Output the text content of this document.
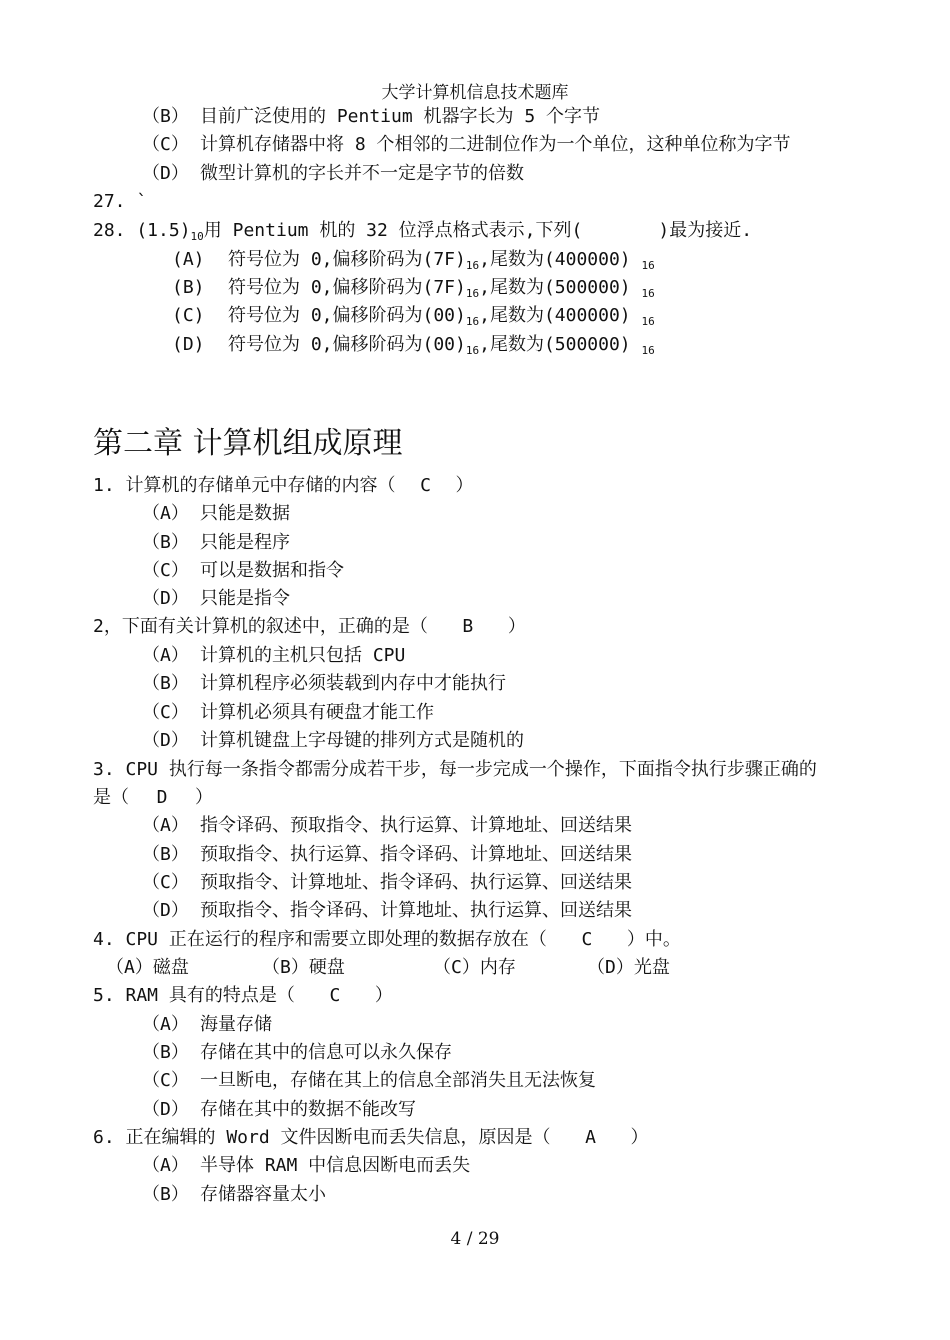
大学计算机信息技术题库
（B） 目前广泛使用的 Pentium 机器字长为 5 个字节
（C） 计算机存储器中将 8 个相邻的二进制位作为一个单位，这种单位称为字节
（D） 微型计算机的字长并不一定是字节的倍数
27. `
28. $(1.5)_{10}$用 Pentium 机的 32 位浮点格式表示,下列(	)最为接近.
(A) 符号位为 0,偏移阶码为$(7F)_{16}$,尾数为(400000) $_{16}$
(B) 符号位为 0,偏移阶码为$(7F)_{16}$,尾数为(500000) $_{16}$
(C) 符号位为 0,偏移阶码为$(00)_{16}$,尾数为(400000) $_{16}$
(D) 符号位为 0,偏移阶码为$(00)_{16}$,尾数为(500000) $_{16}$
第二章 计算机组成原理
1. 计算机的存储单元中存储的内容（ C ）
（A） 只能是数据
（B） 只能是程序
（C） 可以是数据和指令
（D） 只能是指令
2，下面有关计算机的叙述中，正确的是（ B ）
（A） 计算机的主机只包括 CPU
（B） 计算机程序必须装载到内存中才能执行
（C） 计算机必须具有硬盘才能工作
（D） 计算机键盘上字母键的排列方式是随机的
3. CPU 执行每一条指令都需分成若干步，每一步完成一个操作，下面指令执行步骤正确的
是（ D ）
（A） 指令译码、预取指令、执行运算、计算地址、回送结果
（B） 预取指令、执行运算、指令译码、计算地址、回送结果
（C） 预取指令、计算地址、指令译码、执行运算、回送结果
（D） 预取指令、指令译码、计算地址、执行运算、回送结果
4. CPU 正在运行的程序和需要立即处理的数据存放在（ C ）中。
（A）磁盘	（B）硬盘	（C）内存	（D）光盘
5. RAM 具有的特点是（ C ）
（A） 海量存储
（B） 存储在其中的信息可以永久保存
（C） 一旦断电，存储在其上的信息全部消失且无法恢复
（D） 存储在其中的数据不能改写
6. 正在编辑的 Word 文件因断电而丢失信息，原因是（ A ）
（A） 半导体 RAM 中信息因断电而丢失
（B） 存储器容量太小
4 / 29
